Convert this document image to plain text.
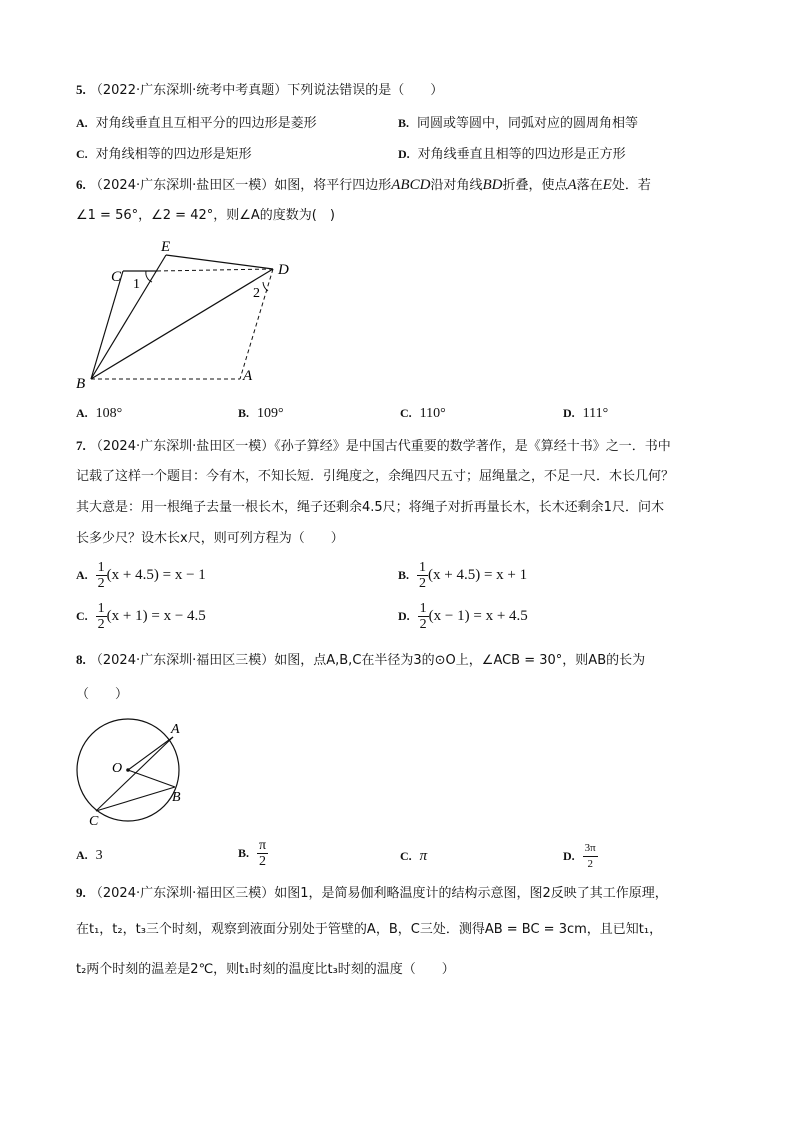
5. （2022·广东深圳·统考中考真题）下列说法错误的是（　　）
A. 对角线垂直且互相平分的四边形是菱形	B. 同圆或等圆中，同弧对应的圆周角相等
C. 对角线相等的四边形是矩形	D. 对角线垂直且相等的四边形是正方形
6. （2024·广东深圳·盐田区一模）如图，将平行四边形ABCD沿对角线BD折叠，使点A落在E处．若
∠1 = 56°，∠2 = 42°，则∠A的度数为(　)
C
E
D
B	A
1
2
A. 108°	B. 109°	C. 110°	D. 111°
7. （2024·广东深圳·盐田区一模）《孙子算经》是中国古代重要的数学著作，是《算经十书》之一．书中
记载了这样一个题目：今有木，不知长短．引绳度之，余绳四尺五寸；屈绳量之，不足一尺．木长几何？
其大意是：用一根绳子去量一根长木，绳子还剩余4.5尺；将绳子对折再量长木，长木还剩余1尺．问木
长多少尺？设木长x尺，则可列方程为（　　）
A. $\frac{1}{2} (x + 4.5) = x - 1$	B. $\frac{1}{2} (x + 4.5) = x + 1$
C. $\frac{1}{2} (x + 1) = x - 4.5$	D. $\frac{1}{2} (x - 1) = x + 4.5$
8. （2024·广东深圳·福田区三模）如图，点A,B,C在半径为3的⊙O上，∠ACB = 30°，则AB的长为
（　　）
A
O
B
C
A. 3	B. $\frac{\pi}{2}$	C. π	D. $\frac{3\pi}{2}$
9. （2024·广东深圳·福田区三模）如图1，是简易伽利略温度计的结构示意图，图2反映了其工作原理，
在t₁，t₂，t₃三个时刻，观察到液面分别处于管壁的A，B，C三处．测得AB = BC = 3cm，且已知t₁，
t₂两个时刻的温差是2℃，则t₁时刻的温度比t₃时刻的温度（　　）
